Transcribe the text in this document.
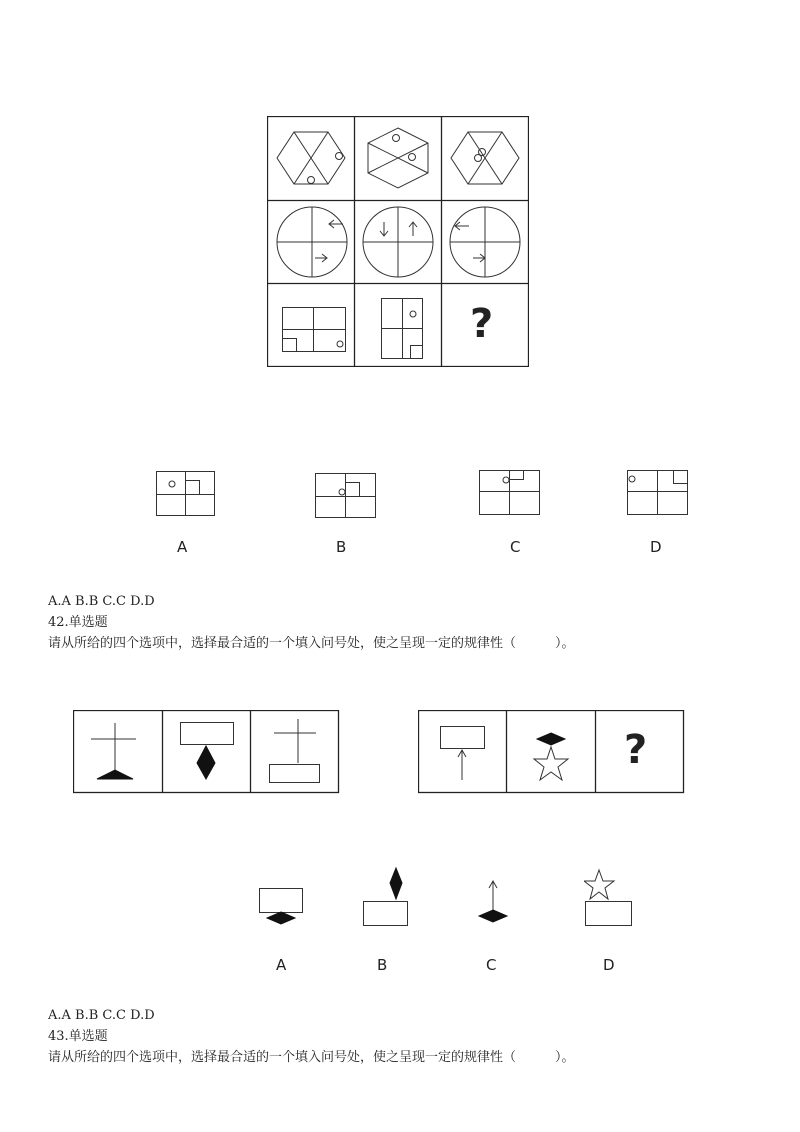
?
A	B	C	D
A.A B.B C.C D.D
42.单选题
请从所给的四个选项中，选择最合适的一个填入问号处，使之呈现一定的规律性（　　　）。
?
A	B	C	D
A.A B.B C.C D.D
43.单选题
请从所给的四个选项中，选择最合适的一个填入问号处，使之呈现一定的规律性（　　　）。
